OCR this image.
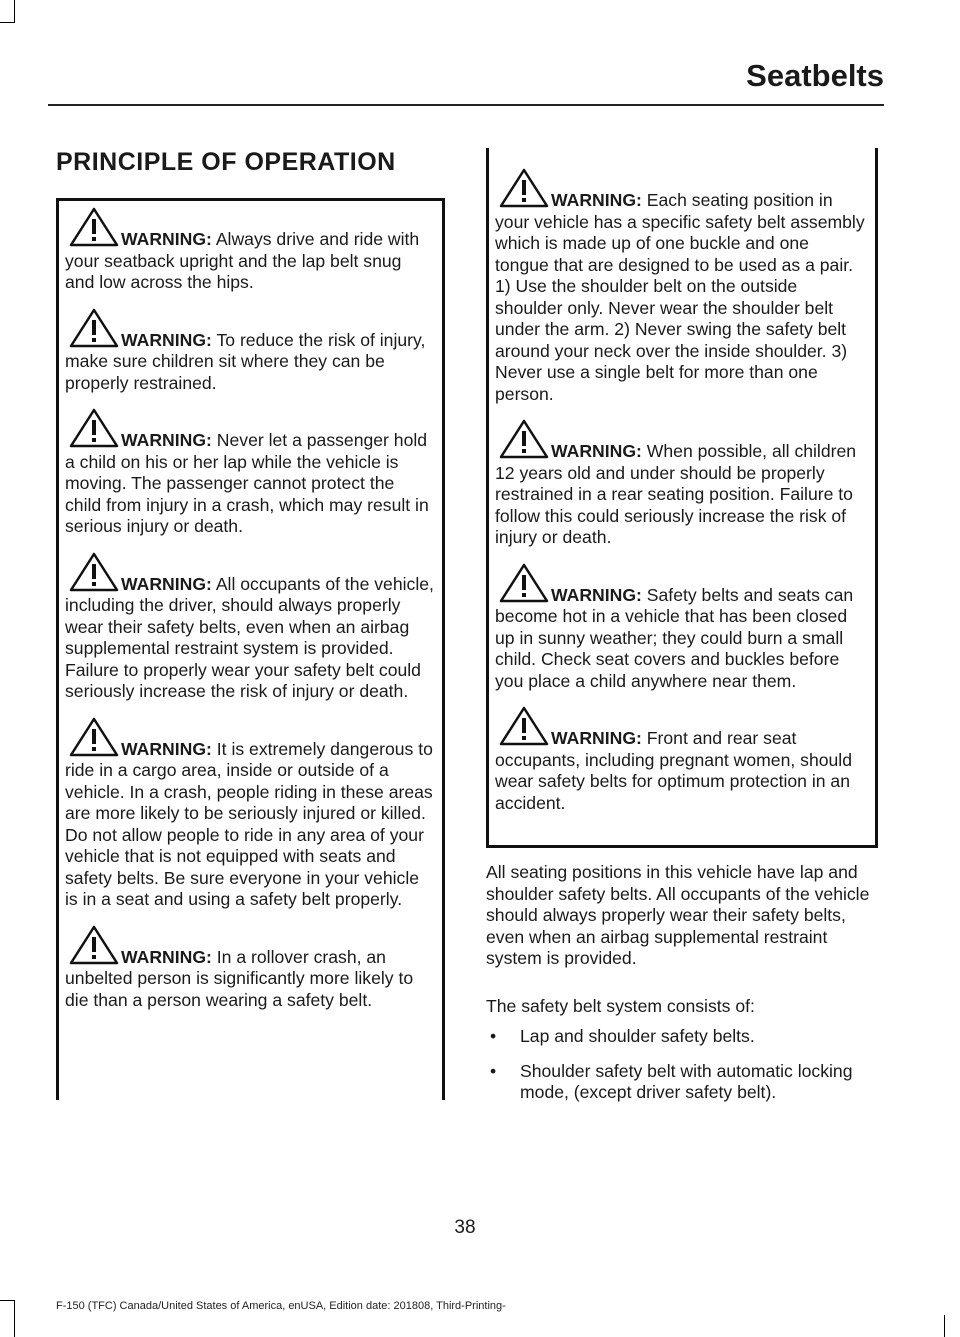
Seatbelts
PRINCIPLE OF OPERATION

WARNING: Always drive and ride with your seatback upright and the lap belt snug and low across the hips.

WARNING: To reduce the risk of injury, make sure children sit where they can be properly restrained.

WARNING: Never let a passenger hold a child on his or her lap while the vehicle is moving. The passenger cannot protect the child from injury in a crash, which may result in serious injury or death.

WARNING: All occupants of the vehicle, including the driver, should always properly wear their safety belts, even when an airbag supplemental restraint system is provided. Failure to properly wear your safety belt could seriously increase the risk of injury or death.

WARNING: It is extremely dangerous to ride in a cargo area, inside or outside of a vehicle. In a crash, people riding in these areas are more likely to be seriously injured or killed. Do not allow people to ride in any area of your vehicle that is not equipped with seats and safety belts. Be sure everyone in your vehicle is in a seat and using a safety belt properly.

WARNING: In a rollover crash, an unbelted person is significantly more likely to die than a person wearing a safety belt.

WARNING: Each seating position in your vehicle has a specific safety belt assembly which is made up of one buckle and one tongue that are designed to be used as a pair. 1) Use the shoulder belt on the outside shoulder only. Never wear the shoulder belt under the arm. 2) Never swing the safety belt around your neck over the inside shoulder. 3) Never use a single belt for more than one person.

WARNING: When possible, all children 12 years old and under should be properly restrained in a rear seating position. Failure to follow this could seriously increase the risk of injury or death.

WARNING: Safety belts and seats can become hot in a vehicle that has been closed up in sunny weather; they could burn a small child. Check seat covers and buckles before you place a child anywhere near them.

WARNING: Front and rear seat occupants, including pregnant women, should wear safety belts for optimum protection in an accident.

All seating positions in this vehicle have lap and shoulder safety belts. All occupants of the vehicle should always properly wear their safety belts, even when an airbag supplemental restraint system is provided.

The safety belt system consists of:

• Lap and shoulder safety belts.
• Shoulder safety belt with automatic locking mode, (except driver safety belt).

38

F-150 (TFC) Canada/United States of America, enUSA, Edition date: 201808, Third-Printing-
